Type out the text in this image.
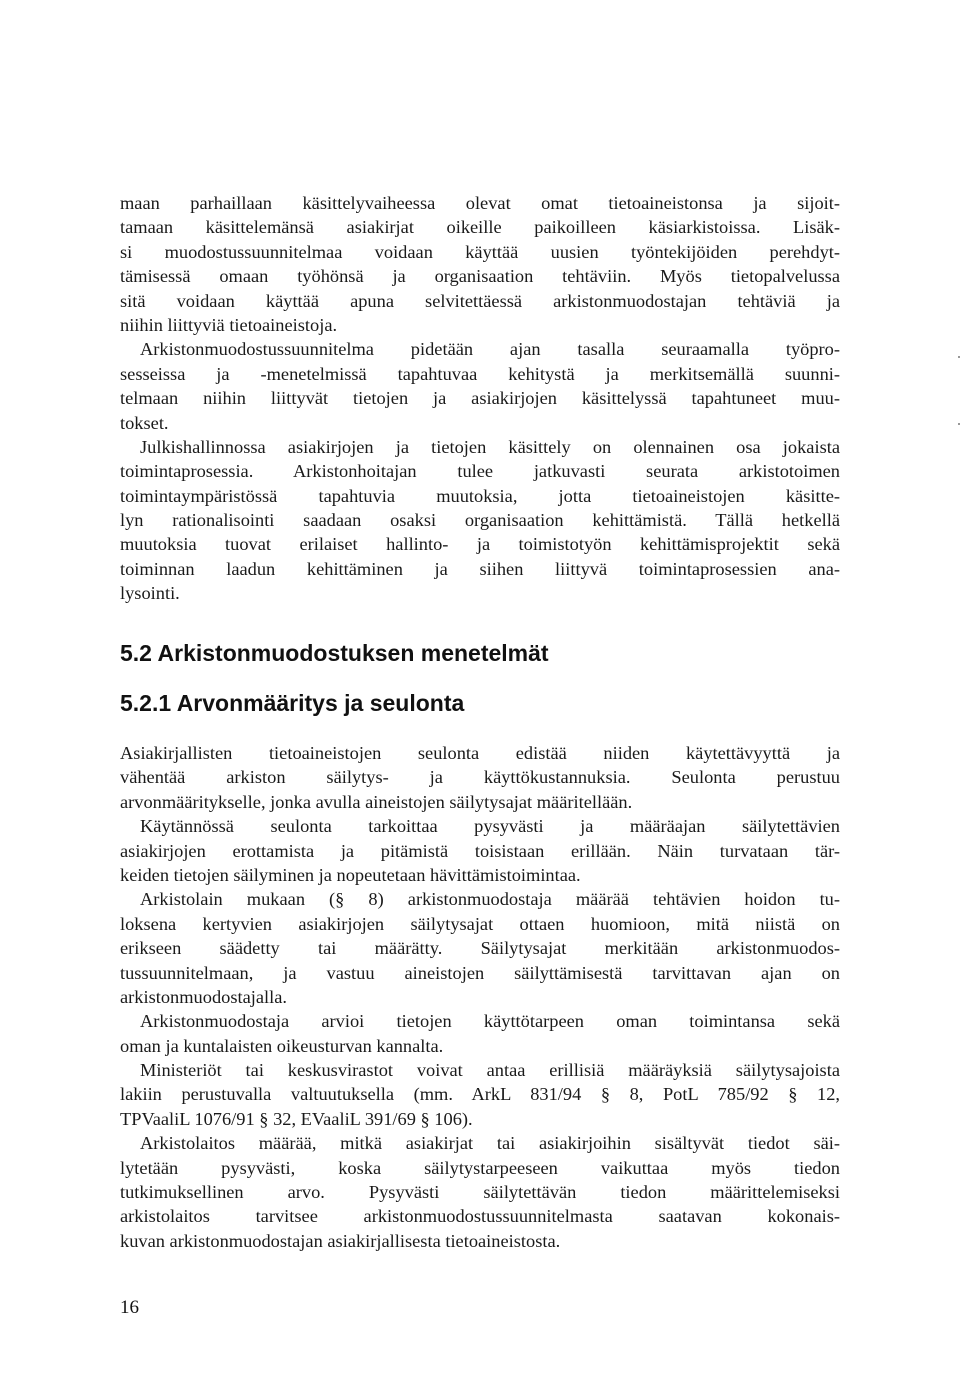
maan parhaillaan käsittelyvaiheessa olevat omat tietoaineistonsa ja sijoit-
tamaan käsittelemänsä asiakirjat oikeille paikoilleen käsiarkistoissa. Lisäk-
si muodostussuunnitelmaa voidaan käyttää uusien työntekijöiden perehdyt-
tämisessä omaan työhönsä ja organisaation tehtäviin. Myös tietopalvelussa
sitä voidaan käyttää apuna selvitettäessä arkistonmuodostajan tehtäviä ja
niihin liittyviä tietoaineistoja.
Arkistonmuodostussuunnitelma pidetään ajan tasalla seuraamalla työpro-
sesseissa ja -menetelmissä tapahtuvaa kehitystä ja merkitsemällä suunni-
telmaan niihin liittyvät tietojen ja asiakirjojen käsittelyssä tapahtuneet muu-
tokset.
Julkishallinnossa asiakirjojen ja tietojen käsittely on olennainen osa jokaista
toimintaprosessia. Arkistonhoitajan tulee jatkuvasti seurata arkistotoimen
toimintaympäristössä tapahtuvia muutoksia, jotta tietoaineistojen käsitte-
lyn rationalisointi saadaan osaksi organisaation kehittämistä. Tällä hetkellä
muutoksia tuovat erilaiset hallinto- ja toimistotyön kehittämisprojektit sekä
toiminnan laadun kehittäminen ja siihen liittyvä toimintaprosessien ana-
lysointi.
5.2 Arkistonmuodostuksen menetelmät
5.2.1 Arvonmääritys ja seulonta
Asiakirjallisten tietoaineistojen seulonta edistää niiden käytettävyyttä ja
vähentää arkiston säilytys- ja käyttökustannuksia. Seulonta perustuu
arvonmääritykselle, jonka avulla aineistojen säilytysajat määritellään.
Käytännössä seulonta tarkoittaa pysyvästi ja määräajan säilytettävien
asiakirjojen erottamista ja pitämistä toisistaan erillään. Näin turvataan tär-
keiden tietojen säilyminen ja nopeutetaan hävittämistoimintaa.
Arkistolain mukaan (§ 8) arkistonmuodostaja määrää tehtävien hoidon tu-
loksena kertyvien asiakirjojen säilytysajat ottaen huomioon, mitä niistä on
erikseen säädetty tai määrätty. Säilytysajat merkitään arkistonmuodos-
tussuunnitelmaan, ja vastuu aineistojen säilyttämisestä tarvittavan ajan on
arkistonmuodostajalla.
Arkistonmuodostaja arvioi tietojen käyttötarpeen oman toimintansa sekä
oman ja kuntalaisten oikeusturvan kannalta.
Ministeriöt tai keskusvirastot voivat antaa erillisiä määräyksiä säilytysajoista
lakiin perustuvalla valtuutuksella (mm. ArkL 831/94 § 8, PotL 785/92 § 12,
TPVaaliL 1076/91 § 32, EVaaliL 391/69 § 106).
Arkistolaitos määrää, mitkä asiakirjat tai asiakirjoihin sisältyvät tiedot säi-
lytetään pysyvästi, koska säilytystarpeeseen vaikuttaa myös tiedon
tutkimuksellinen arvo. Pysyvästi säilytettävän tiedon määrittelemiseksi
arkistolaitos tarvitsee arkistonmuodostussuunnitelmasta saatavan kokonais-
kuvan arkistonmuodostajan asiakirjallisesta tietoaineistosta.
16
